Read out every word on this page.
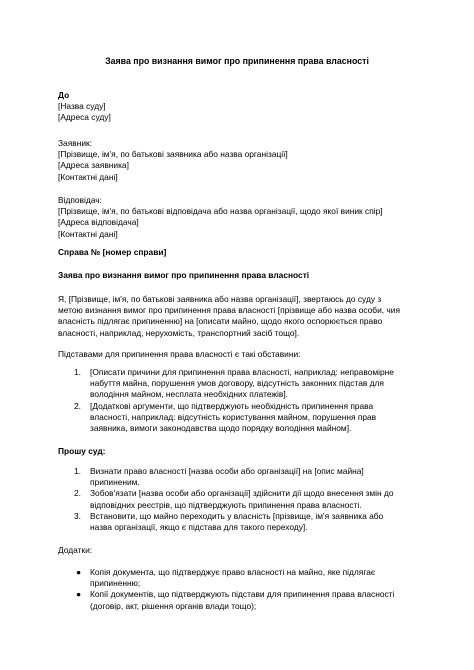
Заява про визнання вимог про припинення права власності
До
[Назва суду]
[Адреса суду]
Заявник:
[Прізвище, ім'я, по батькові заявника або назва організації]
[Адреса заявника]
[Контактні дані]
Відповідач:
[Прізвище, ім'я, по батькові відповідача або назва організації, щодо якої виник спір]
[Адреса відповідача]
[Контактні дані]
Справа № [номер справи]
Заява про визнання вимог про припинення права власності
Я, [Прізвище, ім'я, по батькові заявника або назва організації], звертаюсь до суду з
метою визнання вимог про припинення права власності [прізвище або назва особи, чия
власність підлягає припиненню] на [описати майно, щодо якого оспорюється право
власності, наприклад, нерухомість, транспортний засіб тощо].
Підставами для припинення права власності є такі обставини:
1.	[Описати причини для припинення права власності, наприклад: неправомірне
набуття майна, порушення умов договору, відсутність законних підстав для
володіння майном, несплата необхідних платежів].
2.	[Додаткові аргументи, що підтверджують необхідність припинення права
власності, наприклад: відсутність користування майном, порушення прав
заявника, вимоги законодавства щодо порядку володіння майном].
Прошу суд:
1.	Визнати право власності [назва особи або організації] на [опис майна]
припиненим.
2.	Зобов'язати [назва особи або організації] здійснити дії щодо внесення змін до
відповідних реєстрів, що підтверджують припинення права власності.
3.	Встановити, що майно переходить у власність [прізвище, ім'я заявника або
назва організації, якщо є підстава для такого переходу].
Додатки:
● Копія документа, що підтверджує право власності на майно, яке підлягає
припиненню;
● Копії документів, що підтверджують підстави для припинення права власності
(договір, акт, рішення органів влади тощо);
